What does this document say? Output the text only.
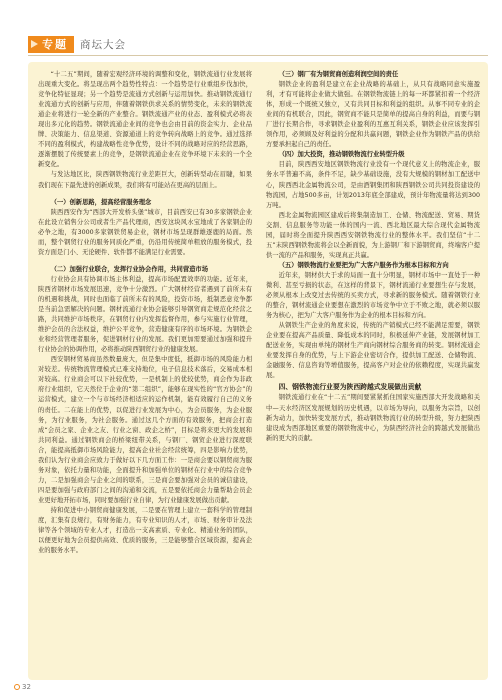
专题	商坛大会

“十二五”期间，随着宏观经济环境的调整和变化，钢铁流通行业发展将出现重大变化。将呈现出两个趋势性特点：一个趋势是行业重组步伐加快，竞争化特征显现；另一个趋势是流通方式创新与运用加快。推动钢铁流通行业流通方式的创新与应用，伴随着钢铁供求关系的情势变化，未来的钢铁流通企业将进行一轮全新的产业整合。钢铁流通产业的业态、盈利模式必将表现出多元化的趋势。钢铁流通企业间的竞争也会由目前的资金实力、企业品牌、决策能力、信息渠道、资源通道上的竞争转向战略上的竞争。通过选择不同的盈利模式，构建战略性竞争优势，设计不同的战略对应的经营思路，逐渐摆脱了传统要素上的竞争，是钢铁流通企业在竞争环境下未来的一个全新变化。

与发达地区比，陕西钢铁物流行业差距巨大，创新转型动在眉睫，如果我们现在下最先进的创新成果，我们将有可能站在更高的层面上。

（一）创新思路，提高经营服务理念

陕西西安作为“西部大开发桥头堡”城市，目前西安已有30多家钢铁企业在此设立销售分公司或者生产品代理商，西安这块风水宝地成了各家钢企的必争之地，有3000多家钢铁贸易企业，钢材市场呈现群雄逐鹿的局面。然而，整个钢贸行业的服务同质化严重，仍沿用传统简单粗放的服务模式，投资方面是门小、无论硬件、软件都不能满足行业需要。

（二）加强行业联合，发挥行业协会作用，共同营造市场

行业协会具有协调市场主体利益，提高市场配置效率的功能。近年来，陕西省钢材市场发展迅速，竞争十分激烈。广大钢材经营者遇到了前所未有的机遇和挑战，同时也面临了前所未有的风险，投资市场，抵制恶意竞争都是当前急需解决的问题。钢材流通行业协会能够引导钢贸商走规范化经营之路，共同维护市场秩序，在钢贸行业内发挥监督作用，参与实施行业管理，维护会员的合法权益，维护公平竞争，营造健康有序的市场环境。为钢铁企业和经营管理者服务，促进钢材行业的发展。我们更加需要通过加强和提升行业协会的协调作用，必将推动陕西钢贸行业的健康发展。

西安钢材贸易商虽然数量庞大，但是集中度低，抵御市场的风险能力相对较差。传统物流管理模式已难支持地位，电子信息技术落后，交易成本相对较高。行业商会可以下社较优势，一是机制上的优较优势，商会作为非政府行业组织，它天然位于企业的“第二组织”，能够在现实性的“官方协会”的运营模式，建立一个与市场经济相适应的运作机制，能有效履行自己的义务的责任。二在能上的优势，以促进行业发展为中心，为会员服务，为企业服务，为行业服务，为社会服务。通过这几个方面的有效服务，把商会打造成“会员之家、企业之友、行业之窗、政企之桥”，目标是将来更大的发展和共同利益。通过钢铁商会的桥梁纽带关系，与钢厂、钢贸企业进行深度联合，能提高抵御市场风险能力，提高企业社会经营统筹，四是影响力优势，我们认为行业商会应致力于做好以下几方面工作：一是商会要以钢贸商为服务对象，依托力量和功能，全面提升和加强单位的钢材在行业中的综合竞争力，二是加强商会与企业之间的联系，三是商会要加强对会员的诚信建设，四是要加强与政府部门之间的沟通和交流，五是要依托商会力量帮助会员企业更好地开拓市场，同时要加强行业自律，为行业健康发展做出贡献。

持和促进中小钢贸商健康发展，二是要在管理上建立一套科学的管理制度，汇集有良规行，有财务能力，有专业知识的人才，市场、财务审计及法律等各个领域的专业人才，打造出一支高素质、专业化、精通业务的团队，以便更好地为会员提供高效、优质的服务，三是能够整合区域资源，提高企业的服务水平。

（三）钢厂有为钢贸商创造利润空间的责任

钢铁企业的盈利是建立在企业战略的基础上，从只有战略同意实施盈利，才有可能将企业做大做强。在钢铁物流链上的每一环都紧扣着一个经济体，形成一个既统又独立，又有共同目标和利益的组织。从事不同专业的企业间的有机联合，因此，钢贸商不能只是简单的提高自身的利益，而要与钢厂进行长期合作，寻求钢铁企业盈利的互惠互利关系，钢铁企业应该发挥引领作用，必须顾及好利益的分配和共赢问题，钢铁企业作为钢铁产品的供给方要承担起自己的责任。

（四）加大投资，推动钢铁物流行业转型升级

目前，陕西西安地区钢铁物流行业没有一个现代意义上的物流企业，服务水平普遍不高，条件不足，缺少基础设施，没有大规模的钢材加工配送中心，陕西西北金属物流公司，是由酒钢集团和陕西钢铁公司共同投资建设的物流园，占地500多亩，计划2013年底全部建成，预计年物流量将达到300万吨。

西北金属物流园区建成后将集制造加工、仓储、物流配送、贸易、期货交割、信息服务等功能一体的国内一流、西北地区最大综合现代金属物流园，届时将全面提升陕西西安钢铁物流行业的整体水平。我们坚信“十二五”末陕西钢铁物流将会以全新面貌，为上游钢厂和下游钢贸商，终端客户提供一流的产品和服务，实现真正共赢。

（五）钢铁物流行业要把为广大客户服务作为根本目标和方向

近年来，钢材供大于求的局面一直十分明显，钢材市场中一直处于一种微利、甚至亏损的状态，在这样的背景下，钢材流通行业要想生存与发展，必须从根本上改变过去传统的买卖方式，寻求新的服务模式。随着钢铁行业的整合，钢材流通企业要想在激烈的市场竞争中立于不败之地，就必须以服务为核心，把为广大客户服务作为企业的根本目标和方向。

从钢铁生产企业的角度来说，传统的产销模式已经不能满足需要，钢铁企业要在提高产品质量、降低成本的同时，积极延伸产业链，发展钢材加工配送业务，实现由单纯的钢材生产商向钢材综合服务商的转变。钢材流通企业要发挥自身的优势，与上下游企业密切合作，提供加工配送、仓储物流、金融服务、信息咨询等增值服务，提高客户对企业的依赖程度，实现共赢发展。

四、钢铁物流行业要为陕西跨越式发展做出贡献

钢铁流通行业在“十二五”期间要紧紧抓住国家实施西部大开发战略和关中—天水经济区发展规划的历史机遇，以市场为导向，以服务为宗旨，以创新为动力，加快转变发展方式，推动钢铁物流行业的转型升级，努力把陕西建设成为西部地区重要的钢铁物流中心，为陕西经济社会的跨越式发展做出新的更大的贡献。

32
